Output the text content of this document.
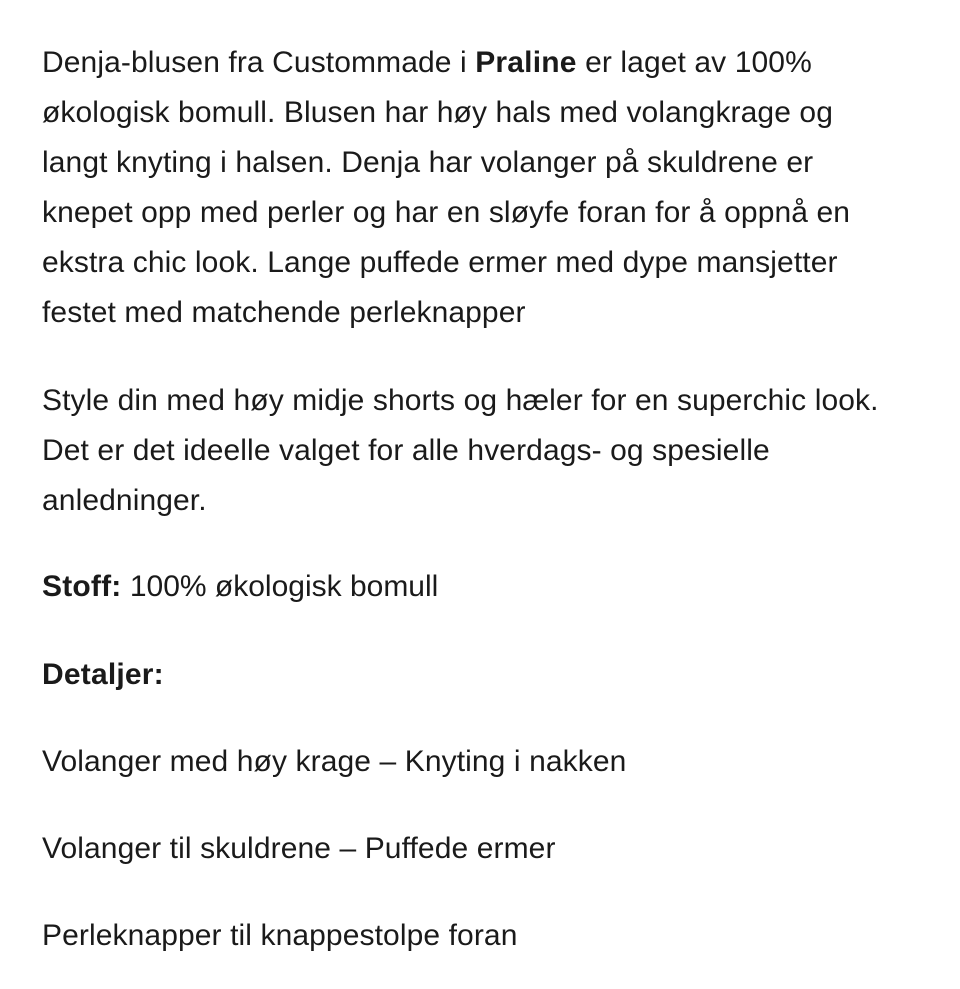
Denja-blusen fra Custommade i Praline er laget av 100% økologisk bomull. Blusen har høy hals med volangkrage og langt knyting i halsen. Denja har volanger på skuldrene er knepet opp med perler og har en sløyfe foran for å oppnå en ekstra chic look. Lange puffede ermer med dype mansjetter festet med matchende perleknapper

Style din med høy midje shorts og hæler for en superchic look. Det er det ideelle valget for alle hverdags- og spesielle anledninger.

Stoff: 100% økologisk bomull

Detaljer:

Volanger med høy krage – Knyting i nakken

Volanger til skuldrene – Puffede ermer

Perleknapper til knappestolpe foran
